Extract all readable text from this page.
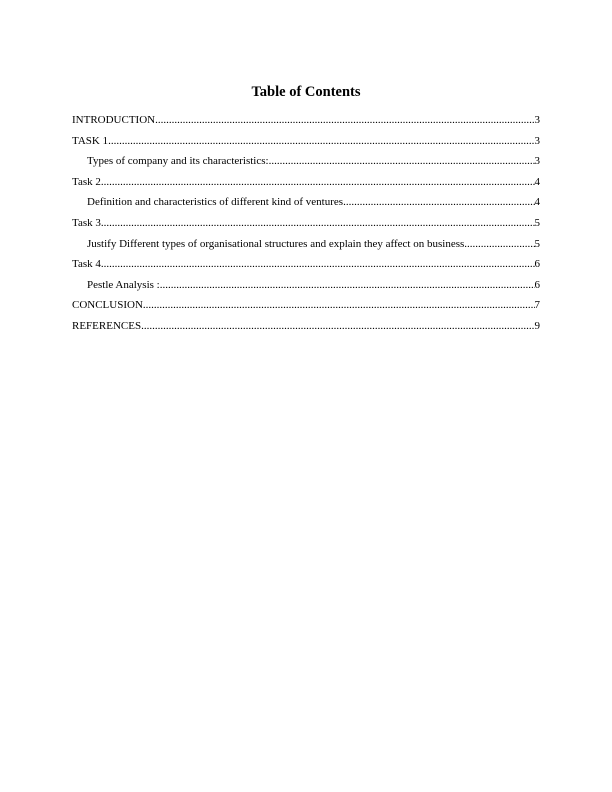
Table of Contents
INTRODUCTION .....	3
TASK 1 .....	3
Types of company and its characteristics: .....	3
Task 2 .....	4
Definition and characteristics of different kind of ventures. .....	4
Task 3 .....	5
Justify Different types of organisational structures and explain they affect on business. .....	5
Task 4 .....	6
Pestle Analysis : .....	6
CONCLUSION .....	7
REFERENCES .....	9
